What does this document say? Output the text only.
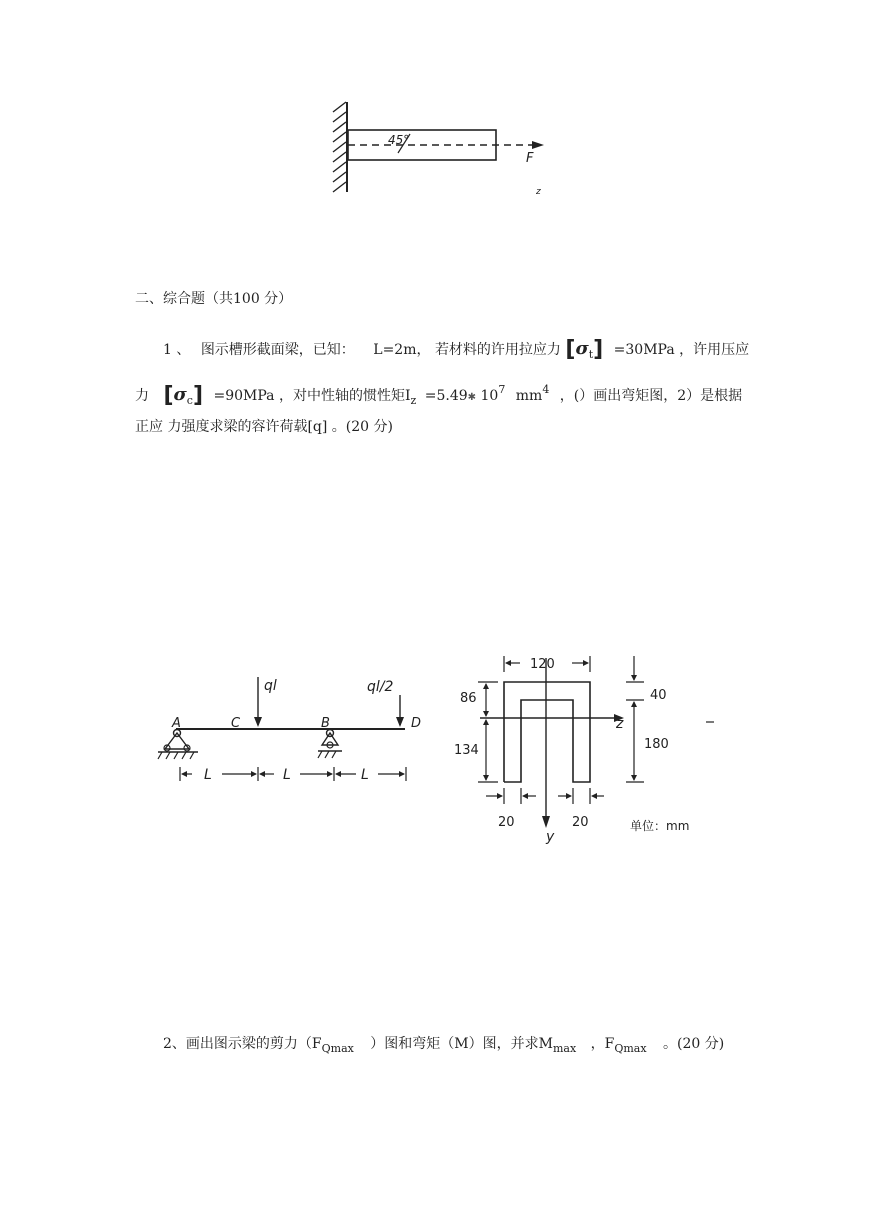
45°
F
z
二、综合题（共100 分）
1 、 图示槽形截面梁，已知： L=2m， 若材料的许用拉应力 $[\sigma_t] =30MPa$ ，许用压应
力 $[\sigma_c] =90MPa$ ，对中性轴的惯性矩$I_z$ =5.49✱ $10^7$ $mm^4$ ，(）画出弯矩图，2）是根据
正应 力强度求梁的容许荷载[q] 。(20 分)
ql	ql/2
A	C	B	D
L	L	L
z
y
120
86
134
40
180
20	20	单位：mm
2、画出图示梁的剪力（$F_{Qmax}$ ）图和弯矩（M）图，并求$M_{max}$ ，$F_{Qmax}$ 。(20 分)
